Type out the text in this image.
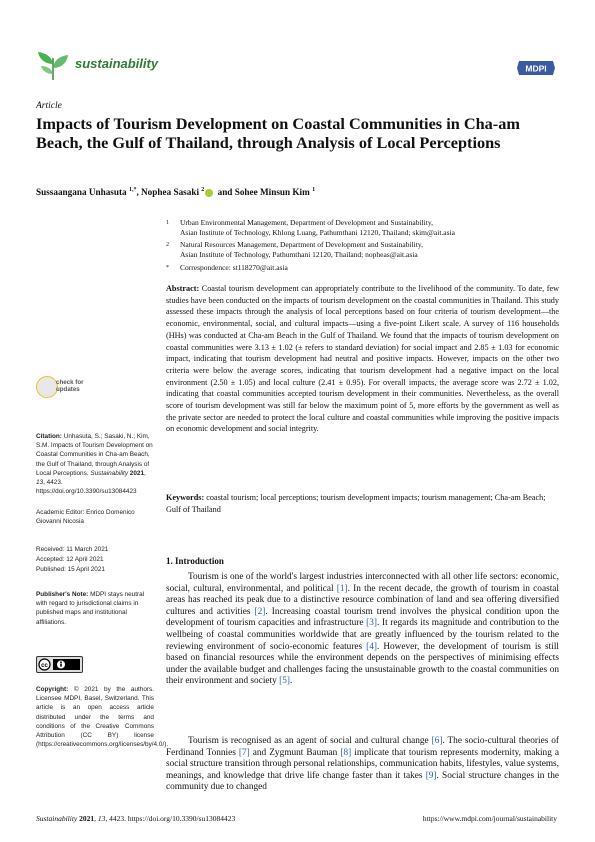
sustainability	MDPI
Article
Impacts of Tourism Development on Coastal Communities in Cha-am Beach, the Gulf of Thailand, through Analysis of Local Perceptions
Sussaangana Unhasuta $^{1,*}$, Nophea Sasaki $^2$ and Sohee Minsun Kim $^1$
1 Urban Environmental Management, Department of Development and Sustainability,
Asian Institute of Technology, Khlong Luang, Pathumthani 12120, Thailand; skim@ait.asia
2 Natural Resources Management, Department of Development and Sustainability,
Asian Institute of Technology, Pathumthani 12120, Thailand; nopheas@ait.asia
* Correspondence: st118270@ait.asia
Abstract: Coastal tourism development can appropriately contribute to the livelihood of the community. To date, few studies have been conducted on the impacts of tourism development on the coastal communities in Thailand. This study assessed these impacts through the analysis of local perceptions based on four criteria of tourism development—the economic, environmental, social, and cultural impacts—using a five-point Likert scale. A survey of 116 households (HHs) was conducted at Cha-am Beach in the Gulf of Thailand. We found that the impacts of tourism development on coastal communities were 3.13 ± 1.02 (± refers to standard deviation) for social impact and 2.85 ± 1.03 for economic impact, indicating that tourism development had neutral and positive impacts. However, impacts on the other two criteria were below the average scores, indicating that tourism development had a negative impact on the local environment (2.50 ± 1.05) and local culture (2.41 ± 0.95). For overall impacts, the average score was 2.72 ± 1.02, indicating that coastal communities accepted tourism development in their communities. Nevertheless, as the overall score of tourism development was still far below the maximum point of 5, more efforts by the government as well as the private sector are needed to protect the local culture and coastal communities while improving the positive impacts on economic development and social integrity.
Keywords: coastal tourism; local perceptions; tourism development impacts; tourism management; Cha-am Beach; Gulf of Thailand
check for
updates
Citation: Unhasuta, S.; Sasaki, N.; Kim, S.M. Impacts of Tourism Development on Coastal Communities in Cha-am Beach, the Gulf of Thailand, through Analysis of Local Perceptions. Sustainability 2021, 13, 4423. https://doi.org/10.3390/su13084423
Academic Editor: Enrico Domenico Giovanni Nicosia
Received: 11 March 2021
Accepted: 12 April 2021
Published: 15 April 2021
Publisher's Note: MDPI stays neutral with regard to jurisdictional claims in published maps and institutional affiliations.
cc
Copyright: © 2021 by the authors. Licensee MDPI, Basel, Switzerland. This article is an open access article distributed under the terms and conditions of the Creative Commons Attribution (CC BY) license (https://creativecommons.org/licenses/by/4.0/).
1. Introduction
Tourism is one of the world's largest industries interconnected with all other life sectors: economic, social, cultural, environmental, and political [1]. In the recent decade, the growth of tourism in coastal areas has reached its peak due to a distinctive resource combination of land and sea offering diversified cultures and activities [2]. Increasing coastal tourism trend involves the physical condition upon the development of tourism capacities and infrastructure [3]. It regards its magnitude and contribution to the wellbeing of coastal communities worldwide that are greatly influenced by the tourism related to the reviewing environment of socio-economic features [4]. However, the development of tourism is still based on financial resources while the environment depends on the perspectives of minimising effects under the available budget and challenges facing the unsustainable growth to the coastal communities on their environment and society [5].
Tourism is recognised as an agent of social and cultural change [6]. The socio-cultural theories of Ferdinand Tonnies [7] and Zygmunt Bauman [8] implicate that tourism represents modernity, making a social structure transition through personal relationships, communication habits, lifestyles, value systems, meanings, and knowledge that drive life change faster than it takes [9]. Social structure changes in the community due to changed
Sustainability 2021, 13, 4423. https://doi.org/10.3390/su13084423	https://www.mdpi.com/journal/sustainability
